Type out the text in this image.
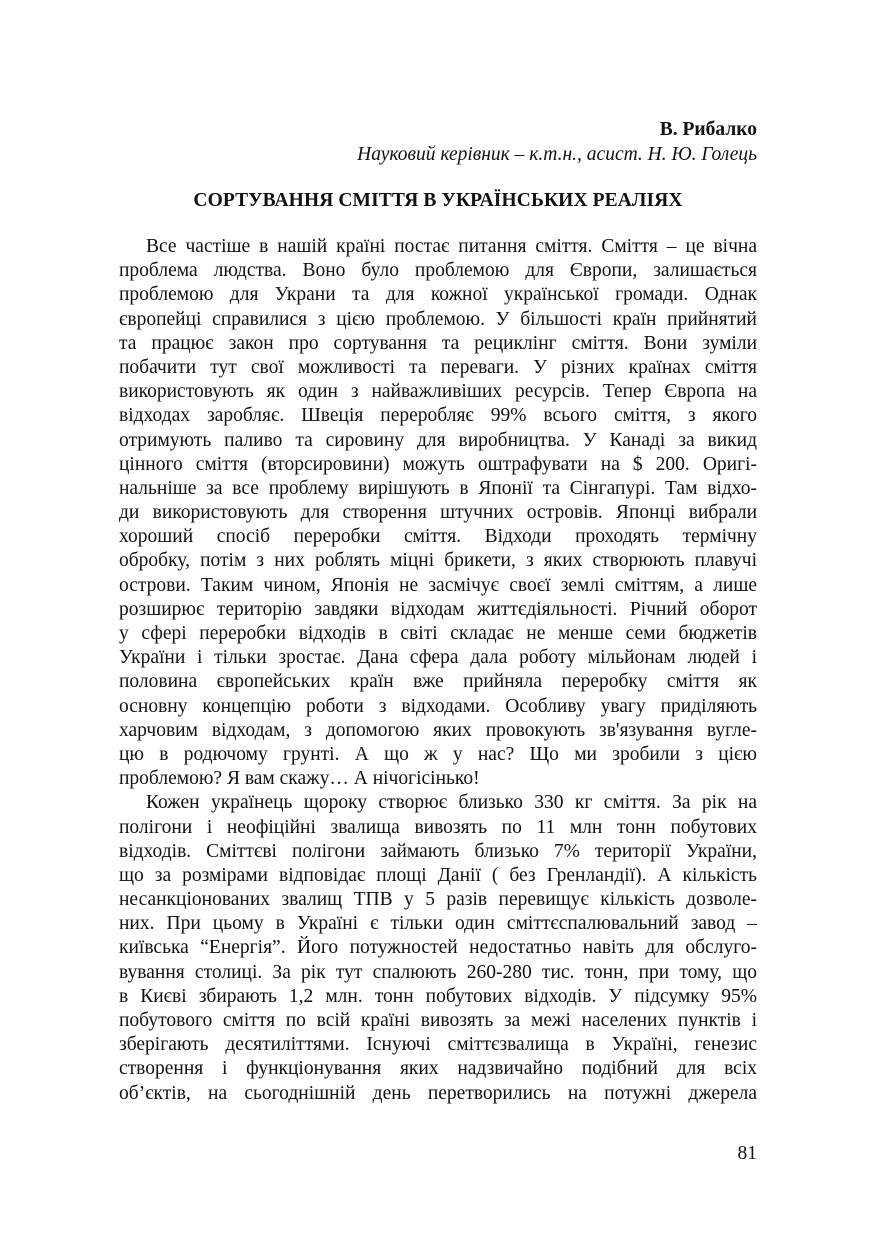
В. Рибалко
Науковий керівник – к.т.н., асист. Н. Ю. Голець
СОРТУВАННЯ СМІТТЯ В УКРАЇНСЬКИХ РЕАЛІЯХ
Все частіше в нашій країні постає питання сміття. Сміття – це вічна
проблема людства. Воно було проблемою для Європи, залишається
проблемою для Украни та для кожної української громади. Однак
європейці справилися з цією проблемою. У більшості країн прийнятий
та працює закон про сортування та рециклінг сміття. Вони зуміли
побачити тут свої можливості та переваги. У різних країнах сміття
використовують як один з найважливіших ресурсів. Тепер Європа на
відходах заробляє. Швеція переробляє 99% всього сміття, з якого
отримують паливо та сировину для виробництва. У Канаді за викид
цінного сміття (вторсировини) можуть оштрафувати на $ 200. Оригі-
нальніше за все проблему вирішують в Японії та Сінгапурі. Там відхо-
ди використовують для створення штучних островів. Японці вибрали
хороший спосіб переробки сміття. Відходи проходять термічну
обробку, потім з них роблять міцні брикети, з яких створюють плавучі
острови. Таким чином, Японія не засмічує своєї землі сміттям, а лише
розширює територію завдяки відходам життєдіяльності. Річний оборот
у сфері переробки відходів в світі складає не менше семи бюджетів
України і тільки зростає. Дана сфера дала роботу мільйонам людей і
половина європейських країн вже прийняла переробку сміття як
основну концепцію роботи з відходами. Особливу увагу приділяють
харчовим відходам, з допомогою яких провокують зв'язування вугле-
цю в родючому грунті. А що ж у нас? Що ми зробили з цією
проблемою? Я вам скажу… А нічогісінько!
Кожен українець щороку створює близько 330 кг сміття. За рік на
полігони і неофіційні звалища вивозять по 11 млн тонн побутових
відходів. Сміттєві полігони займають близько 7% території України,
що за розмірами відповідає площі Данії ( без Гренландії). А кількість
несанкціонованих звалищ ТПВ у 5 разів перевищує кількість дозволе-
них. При цьому в Україні є тільки один сміттєспалювальний завод –
київська “Енергія”. Його потужностей недостатньо навіть для обслуго-
вування столиці. За рік тут спалюють 260-280 тис. тонн, при тому, що
в Києві збирають 1,2 млн. тонн побутових відходів. У підсумку 95%
побутового сміття по всій країні вивозять за межі населених пунктів і
зберігають десятиліттями. Існуючі сміттєзвалища в Україні, генезис
створення і функціонування яких надзвичайно подібний для всіх
об’єктів, на сьогоднішній день перетворились на потужні джерела
81
